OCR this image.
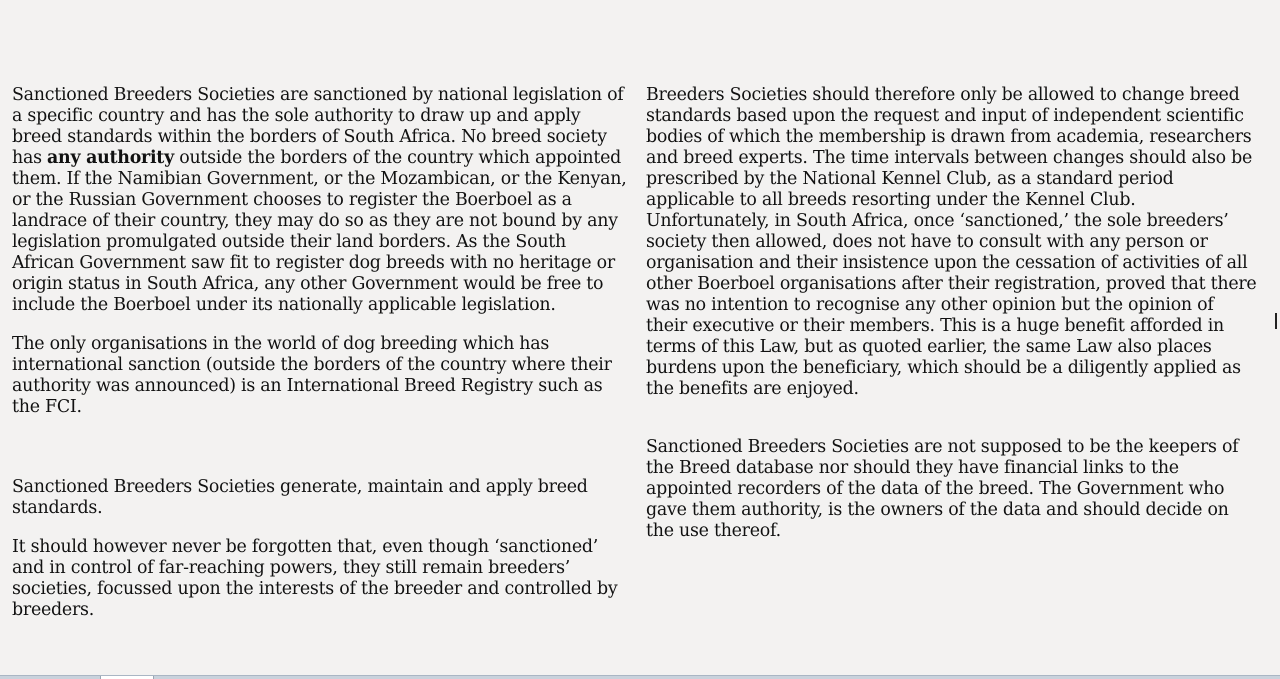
Sanctioned Breeders Societies are sanctioned by national legislation of a specific country and has the sole authority to draw up and apply breed standards within the borders of South Africa. No breed society has any authority outside the borders of the country which appointed them. If the Namibian Government, or the Mozambican, or the Kenyan, or the Russian Government chooses to register the Boerboel as a landrace of their country, they may do so as they are not bound by any legislation promulgated outside their land borders. As the South African Government saw fit to register dog breeds with no heritage or origin status in South Africa, any other Government would be free to include the Boerboel under its nationally applicable legislation.

The only organisations in the world of dog breeding which has international sanction (outside the borders of the country where their authority was announced) is an International Breed Registry such as the FCI.

Sanctioned Breeders Societies generate, maintain and apply breed standards.

It should however never be forgotten that, even though ‘sanctioned’ and in control of far-reaching powers, they still remain breeders’ societies, focussed upon the interests of the breeder and controlled by breeders.

Breeders Societies should therefore only be allowed to change breed standards based upon the request and input of independent scientific bodies of which the membership is drawn from academia, researchers and breed experts. The time intervals between changes should also be prescribed by the National Kennel Club, as a standard period applicable to all breeds resorting under the Kennel Club. Unfortunately, in South Africa, once ‘sanctioned,’ the sole breeders’ society then allowed, does not have to consult with any person or organisation and their insistence upon the cessation of activities of all other Boerboel organisations after their registration, proved that there was no intention to recognise any other opinion but the opinion of their executive or their members. This is a huge benefit afforded in terms of this Law, but as quoted earlier, the same Law also places burdens upon the beneficiary, which should be a diligently applied as the benefits are enjoyed.

Sanctioned Breeders Societies are not supposed to be the keepers of the Breed database nor should they have financial links to the appointed recorders of the data of the breed. The Government who gave them authority, is the owners of the data and should decide on the use thereof.
